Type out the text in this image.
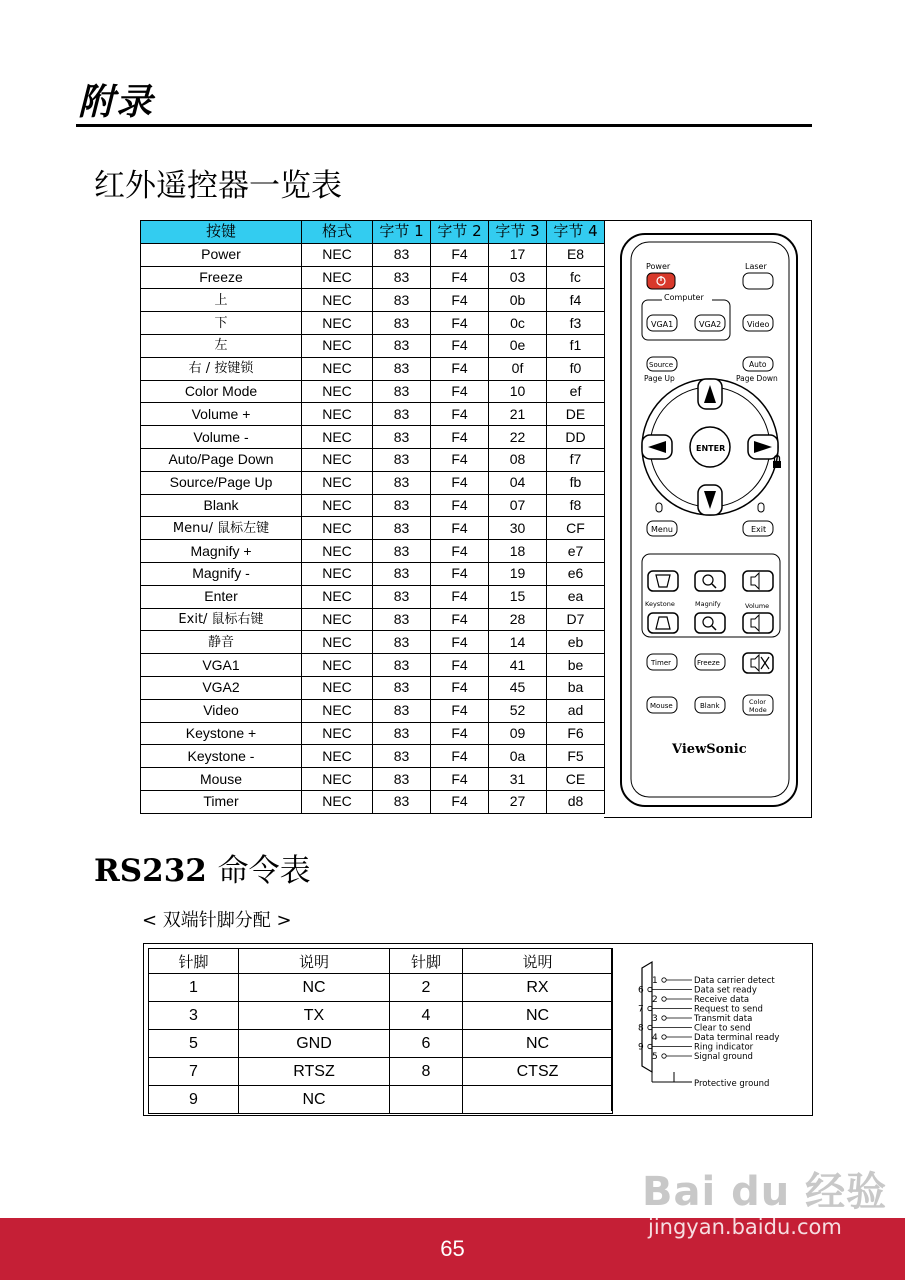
附录
红外遥控器一览表
按键	格式	字节 1	字节 2	字节 3	字节 4
Power	NEC	83	F4	17	E8
Freeze	NEC	83	F4	03	fc
上	NEC	83	F4	0b	f4
下	NEC	83	F4	0c	f3
左	NEC	83	F4	0e	f1
右 / 按键锁	NEC	83	F4	0f	f0
Color Mode	NEC	83	F4	10	ef
Volume +	NEC	83	F4	21	DE
Volume -	NEC	83	F4	22	DD
Auto/Page Down	NEC	83	F4	08	f7
Source/Page Up	NEC	83	F4	04	fb
Blank	NEC	83	F4	07	f8
Menu/ 鼠标左键	NEC	83	F4	30	CF
Magnify +	NEC	83	F4	18	e7
Magnify -	NEC	83	F4	19	e6
Enter	NEC	83	F4	15	ea
Exit/ 鼠标右键	NEC	83	F4	28	D7
静音	NEC	83	F4	14	eb
VGA1	NEC	83	F4	41	be
VGA2	NEC	83	F4	45	ba
Video	NEC	83	F4	52	ad
Keystone +	NEC	83	F4	09	F6
Keystone -	NEC	83	F4	0a	F5
Mouse	NEC	83	F4	31	CE
Timer	NEC	83	F4	27	d8
Power	Laser
Computer
VGA1	VGA2	Video
Source
Page Up
Auto
Page Down
ENTER
Menu	Exit
Keystone	Magnify	Volume
Timer	Freeze
Mouse	Blank	Color
Mode
ViewSonic
RS232 命令表
< 双端针脚分配 >
针脚	说明	针脚	说明
1	NC	2	RX
3	TX	4	NC
5	GND	6	NC
7	RTSZ	8	CTSZ
9	NC		
1	Data carrier detect
6	Data set ready
2	Receive data
7	Request to send
3	Transmit data
8	Clear to send
4	Data terminal ready
9	Ring indicator
5	Signal ground
Protective ground
Bai du 经验
65
jingyan.baidu.com
